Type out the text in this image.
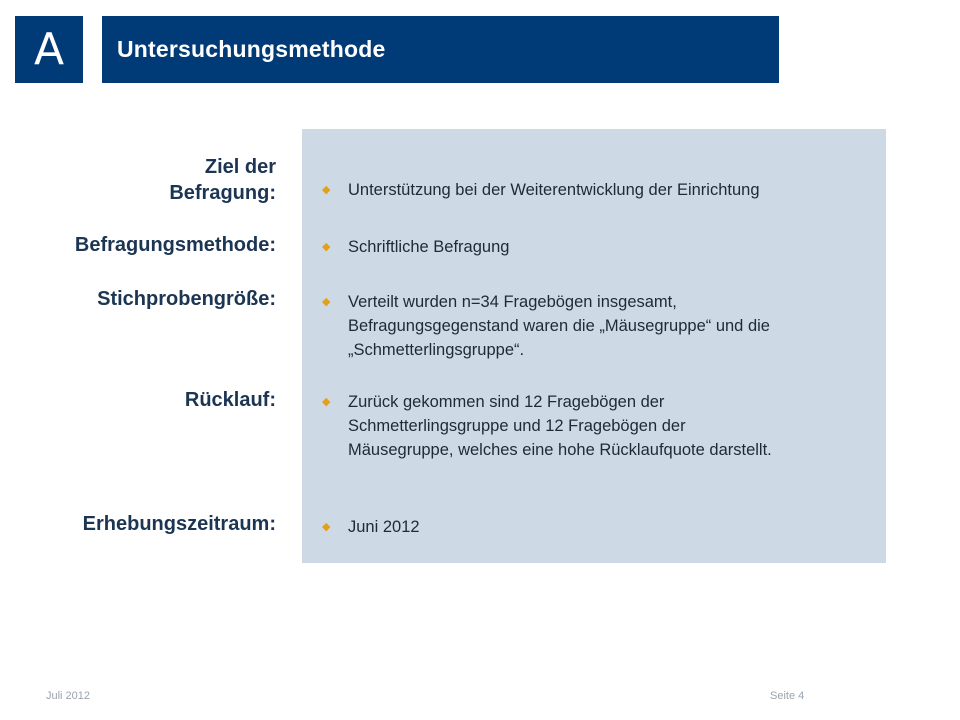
A	Untersuchungsmethode
Ziel der
Befragung:	◆	Unterstützung bei der Weiterentwicklung der Einrichtung
Befragungsmethode:	◆	Schriftliche Befragung
Stichprobengröße:	◆	Verteilt wurden n=34 Fragebögen insgesamt,
Befragungsgegenstand waren die „Mäusegruppe“ und die
„Schmetterlingsgruppe“.
Rücklauf:	◆	Zurück gekommen sind 12 Fragebögen der
Schmetterlingsgruppe und 12 Fragebögen der
Mäusegruppe, welches eine hohe Rücklaufquote darstellt.
Erhebungszeitraum:	◆	Juni 2012
Juli 2012	Seite 4
